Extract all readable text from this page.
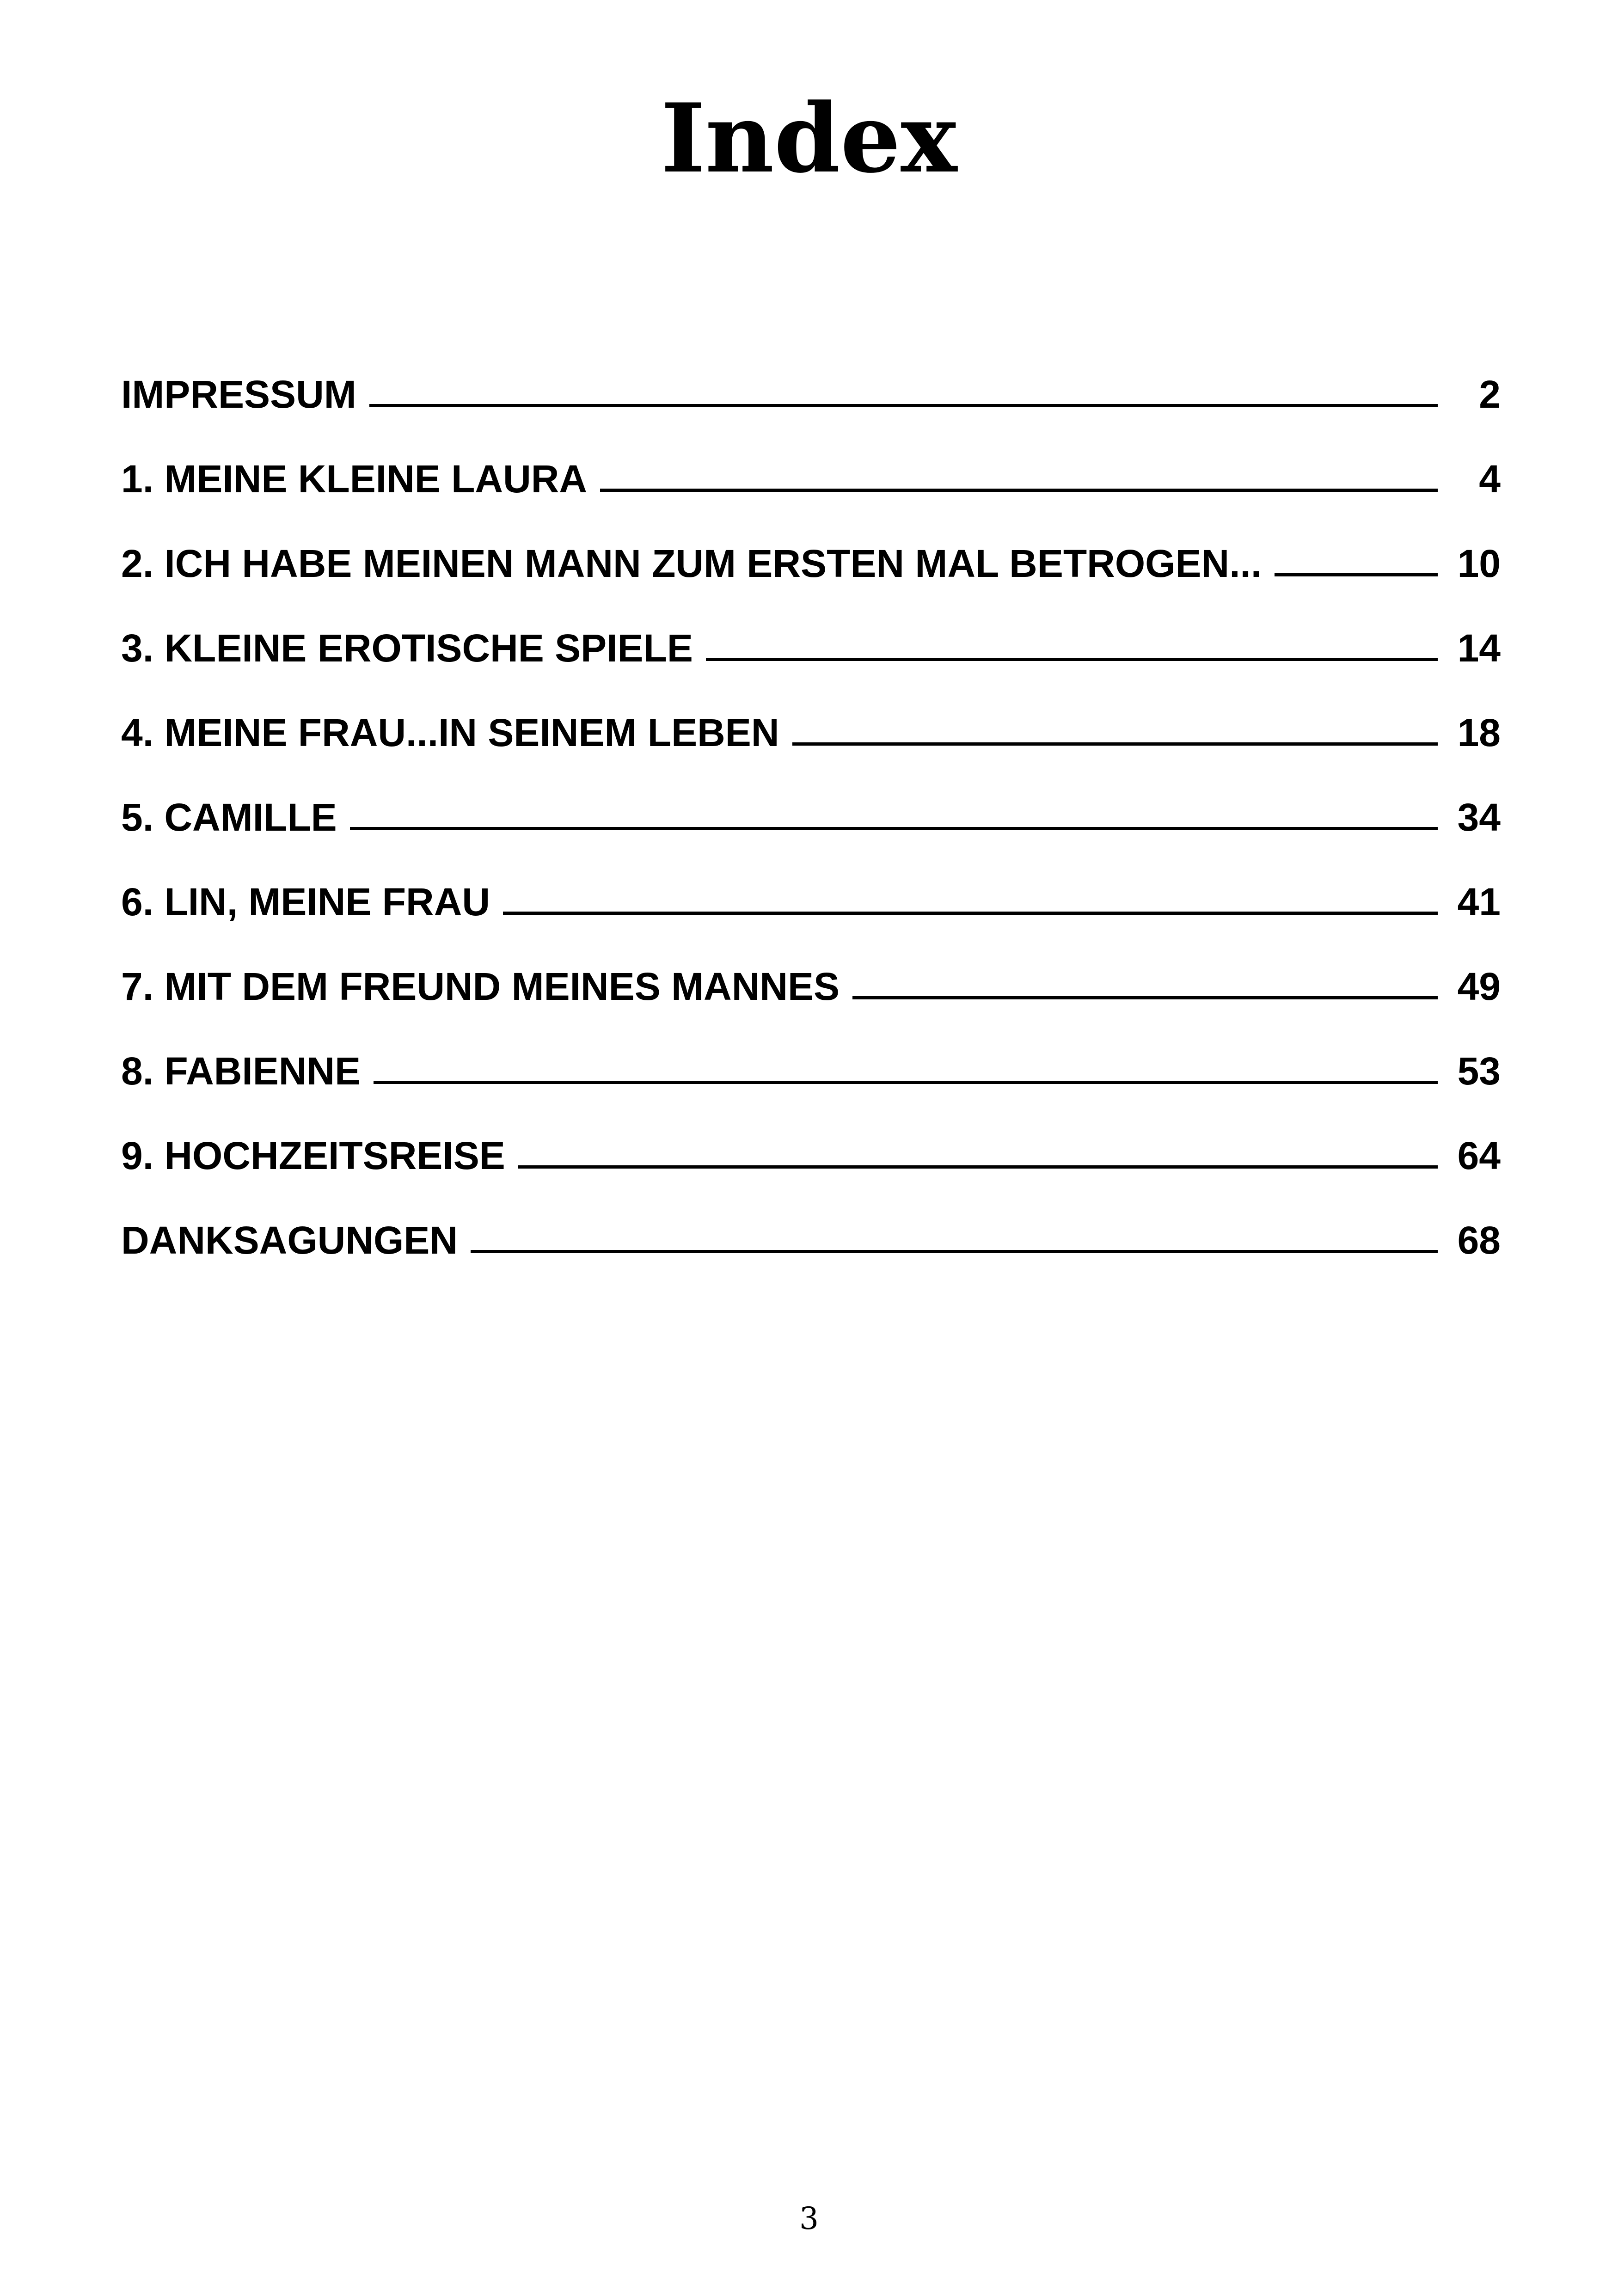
Index
IMPRESSUM	2
1. MEINE KLEINE LAURA	4
2. ICH HABE MEINEN MANN ZUM ERSTEN MAL BETROGEN...	10
3. KLEINE EROTISCHE SPIELE	14
4. MEINE FRAU...IN SEINEM LEBEN	18
5. CAMILLE	34
6. LIN, MEINE FRAU	41
7. MIT DEM FREUND MEINES MANNES	49
8. FABIENNE	53
9. HOCHZEITSREISE	64
DANKSAGUNGEN	68
3
